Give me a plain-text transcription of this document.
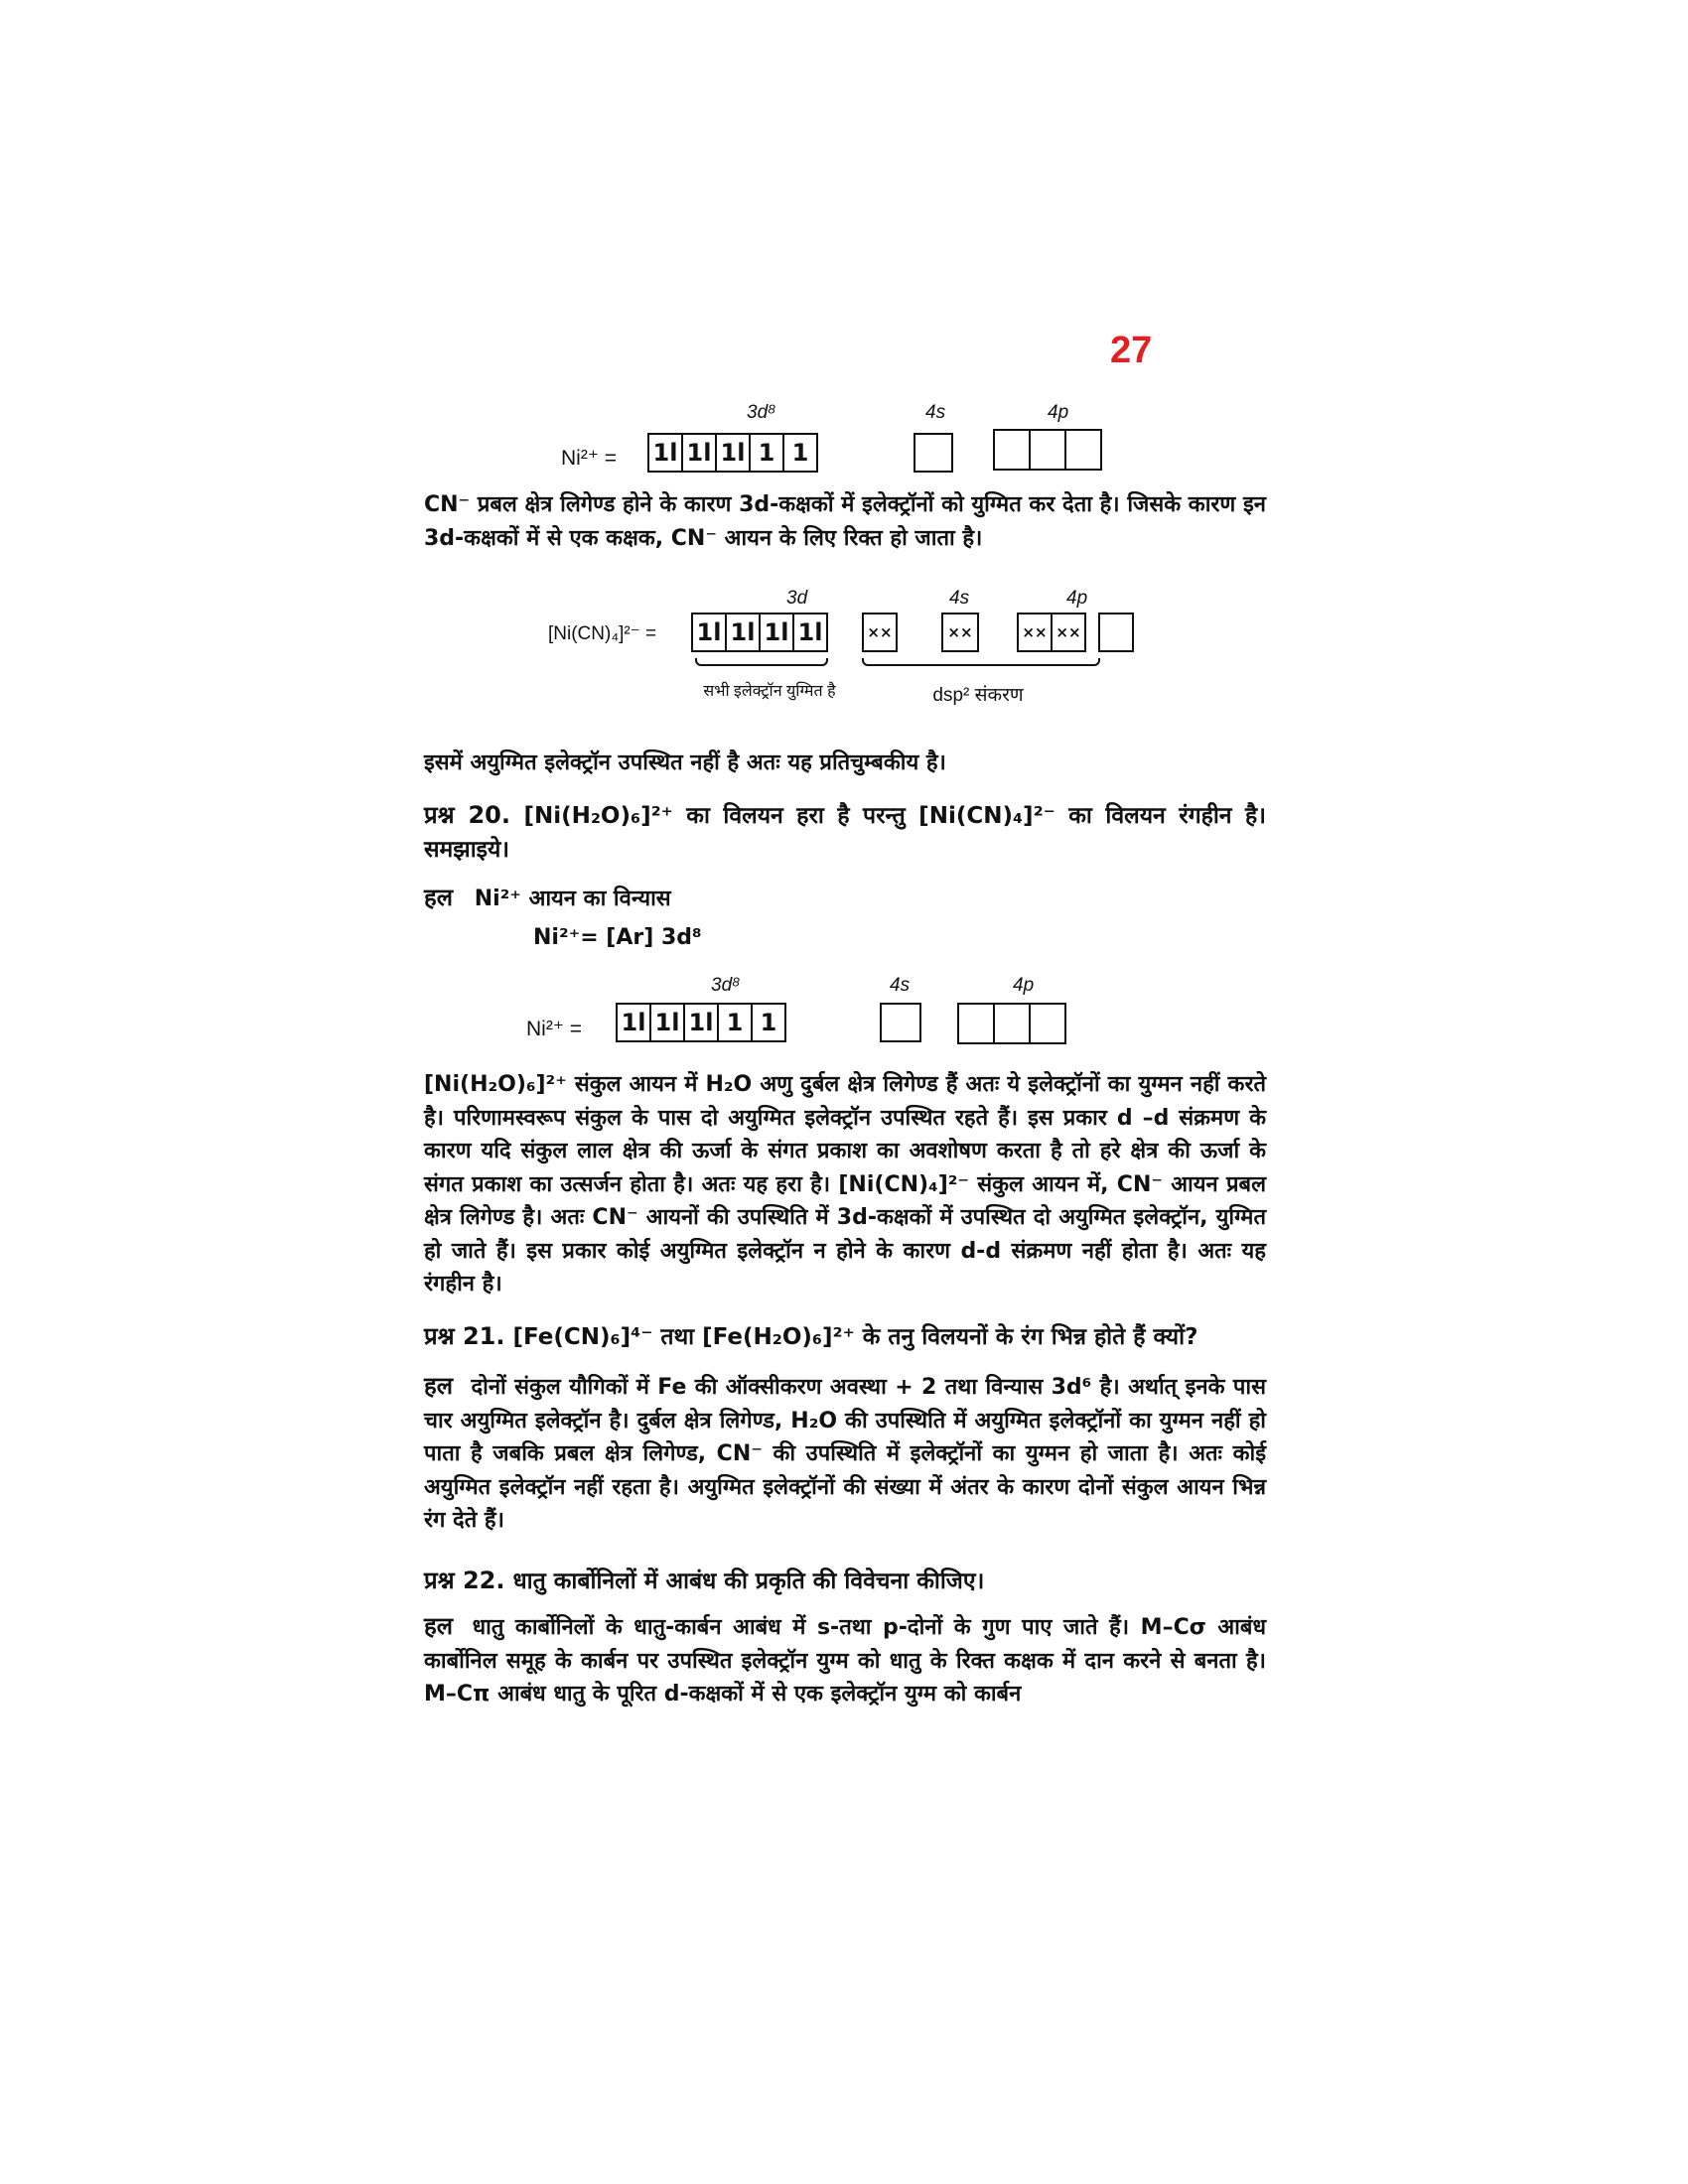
27
3d⁸	4s	4p
Ni²⁺ = 1l 1l 1l 1 1

CN⁻ प्रबल क्षेत्र लिगेण्ड होने के कारण 3d-कक्षकों में इलेक्ट्रॉनों को युग्मित कर देता है। जिसके कारण इन 3d-कक्षकों में से एक कक्षक, CN⁻ आयन के लिए रिक्त हो जाता है।

3d	4s	4p
[Ni(CN)₄]²⁻ = 1l 1l 1l 1l	××	××	×× ××
सभी इलेक्ट्रॉन युग्मित है	dsp² संकरण

इसमें अयुग्मित इलेक्ट्रॉन उपस्थित नहीं है अतः यह प्रतिचुम्बकीय है।

प्रश्न 20. [Ni(H₂O)₆]²⁺ का विलयन हरा है परन्तु [Ni(CN)₄]²⁻ का विलयन रंगहीन है। समझाइये।

हल Ni²⁺ आयन का विन्यास
Ni²⁺= [Ar] 3d⁸
3d⁸	4s	4p
Ni²⁺ = 1l 1l 1l 1 1

[Ni(H₂O)₆]²⁺ संकुल आयन में H₂O अणु दुर्बल क्षेत्र लिगेण्ड हैं अतः ये इलेक्ट्रॉनों का युग्मन नहीं करते है। परिणामस्वरूप संकुल के पास दो अयुग्मित इलेक्ट्रॉन उपस्थित रहते हैं। इस प्रकार d –d संक्रमण के कारण यदि संकुल लाल क्षेत्र की ऊर्जा के संगत प्रकाश का अवशोषण करता है तो हरे क्षेत्र की ऊर्जा के संगत प्रकाश का उत्सर्जन होता है। अतः यह हरा है। [Ni(CN)₄]²⁻ संकुल आयन में, CN⁻ आयन प्रबल क्षेत्र लिगेण्ड है। अतः CN⁻ आयनों की उपस्थिति में 3d-कक्षकों में उपस्थित दो अयुग्मित इलेक्ट्रॉन, युग्मित हो जाते हैं। इस प्रकार कोई अयुग्मित इलेक्ट्रॉन न होने के कारण d-d संक्रमण नहीं होता है। अतः यह रंगहीन है।

प्रश्न 21. [Fe(CN)₆]⁴⁻ तथा [Fe(H₂O)₆]²⁺ के तनु विलयनों के रंग भिन्न होते हैं क्यों?

हल दोनों संकुल यौगिकों में Fe की ऑक्सीकरण अवस्था + 2 तथा विन्यास 3d⁶ है। अर्थात् इनके पास चार अयुग्मित इलेक्ट्रॉन है। दुर्बल क्षेत्र लिगेण्ड, H₂O की उपस्थिति में अयुग्मित इलेक्ट्रॉनों का युग्मन नहीं हो पाता है जबकि प्रबल क्षेत्र लिगेण्ड, CN⁻ की उपस्थिति में इलेक्ट्रॉनों का युग्मन हो जाता है। अतः कोई अयुग्मित इलेक्ट्रॉन नहीं रहता है। अयुग्मित इलेक्ट्रॉनों की संख्या में अंतर के कारण दोनों संकुल आयन भिन्न रंग देते हैं।

प्रश्न 22. धातु कार्बोनिलों में आबंध की प्रकृति की विवेचना कीजिए।

हल धातु कार्बोनिलों के धातु-कार्बन आबंध में s-तथा p-दोनों के गुण पाए जाते हैं। M–Cσ आबंध कार्बोनिल समूह के कार्बन पर उपस्थित इलेक्ट्रॉन युग्म को धातु के रिक्त कक्षक में दान करने से बनता है। M–Cπ आबंध धातु के पूरित d-कक्षकों में से एक इलेक्ट्रॉन युग्म को कार्बन
